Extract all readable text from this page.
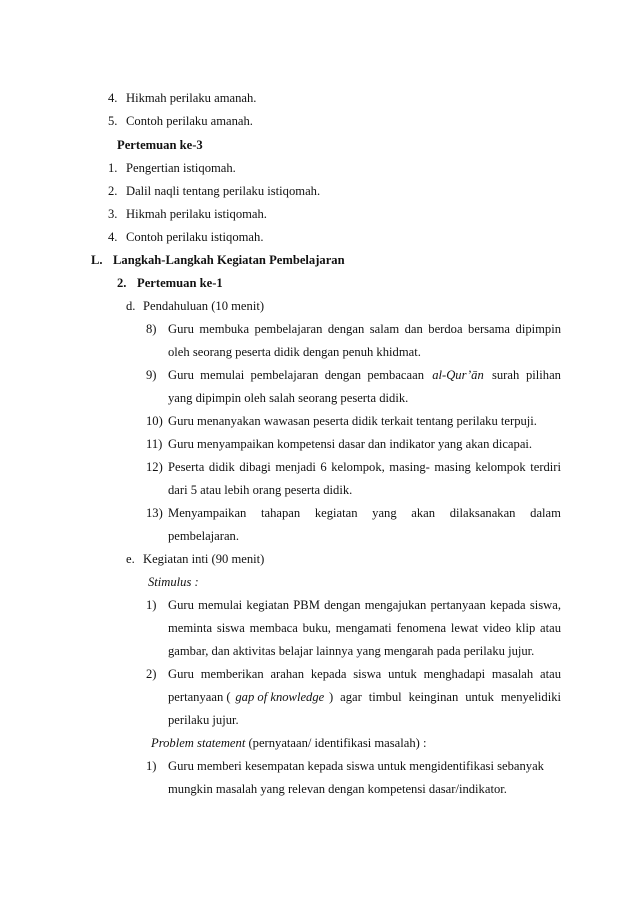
4. Hikmah perilaku amanah.
5. Contoh perilaku amanah.
Pertemuan ke-3
1. Pengertian istiqomah.
2. Dalil naqli tentang perilaku istiqomah.
3. Hikmah perilaku istiqomah.
4. Contoh perilaku istiqomah.
L. Langkah-Langkah Kegiatan Pembelajaran
2. Pertemuan ke-1
d. Pendahuluan (10 menit)
8) Guru membuka pembelajaran dengan salam dan berdoa bersama dipimpin
oleh seorang peserta didik dengan penuh khidmat.
9) Guru memulai pembelajaran dengan pembacaan al-Qur’ān surah pilihan
yang dipimpin oleh salah seorang peserta didik.
10) Guru menanyakan wawasan peserta didik terkait tentang perilaku terpuji.
11) Guru menyampaikan kompetensi dasar dan indikator yang akan dicapai.
12) Peserta didik dibagi menjadi 6 kelompok, masing- masing kelompok terdiri
dari 5 atau lebih orang peserta didik.
13) Menyampaikan tahapan kegiatan yang akan dilaksanakan dalam
pembelajaran.
e. Kegiatan inti (90 menit)
Stimulus :
1) Guru memulai kegiatan PBM dengan mengajukan pertanyaan kepada siswa,
meminta siswa membaca buku, mengamati fenomena lewat video klip atau
gambar, dan aktivitas belajar lainnya yang mengarah pada perilaku jujur.
2) Guru memberikan arahan kepada siswa untuk menghadapi masalah atau
pertanyaan ( gap of knowledge ) agar timbul keinginan untuk menyelidiki
perilaku jujur.
Problem statement (pernyataan/ identifikasi masalah) :
1) Guru memberi kesempatan kepada siswa untuk mengidentifikasi sebanyak
mungkin masalah yang relevan dengan kompetensi dasar/indikator.
